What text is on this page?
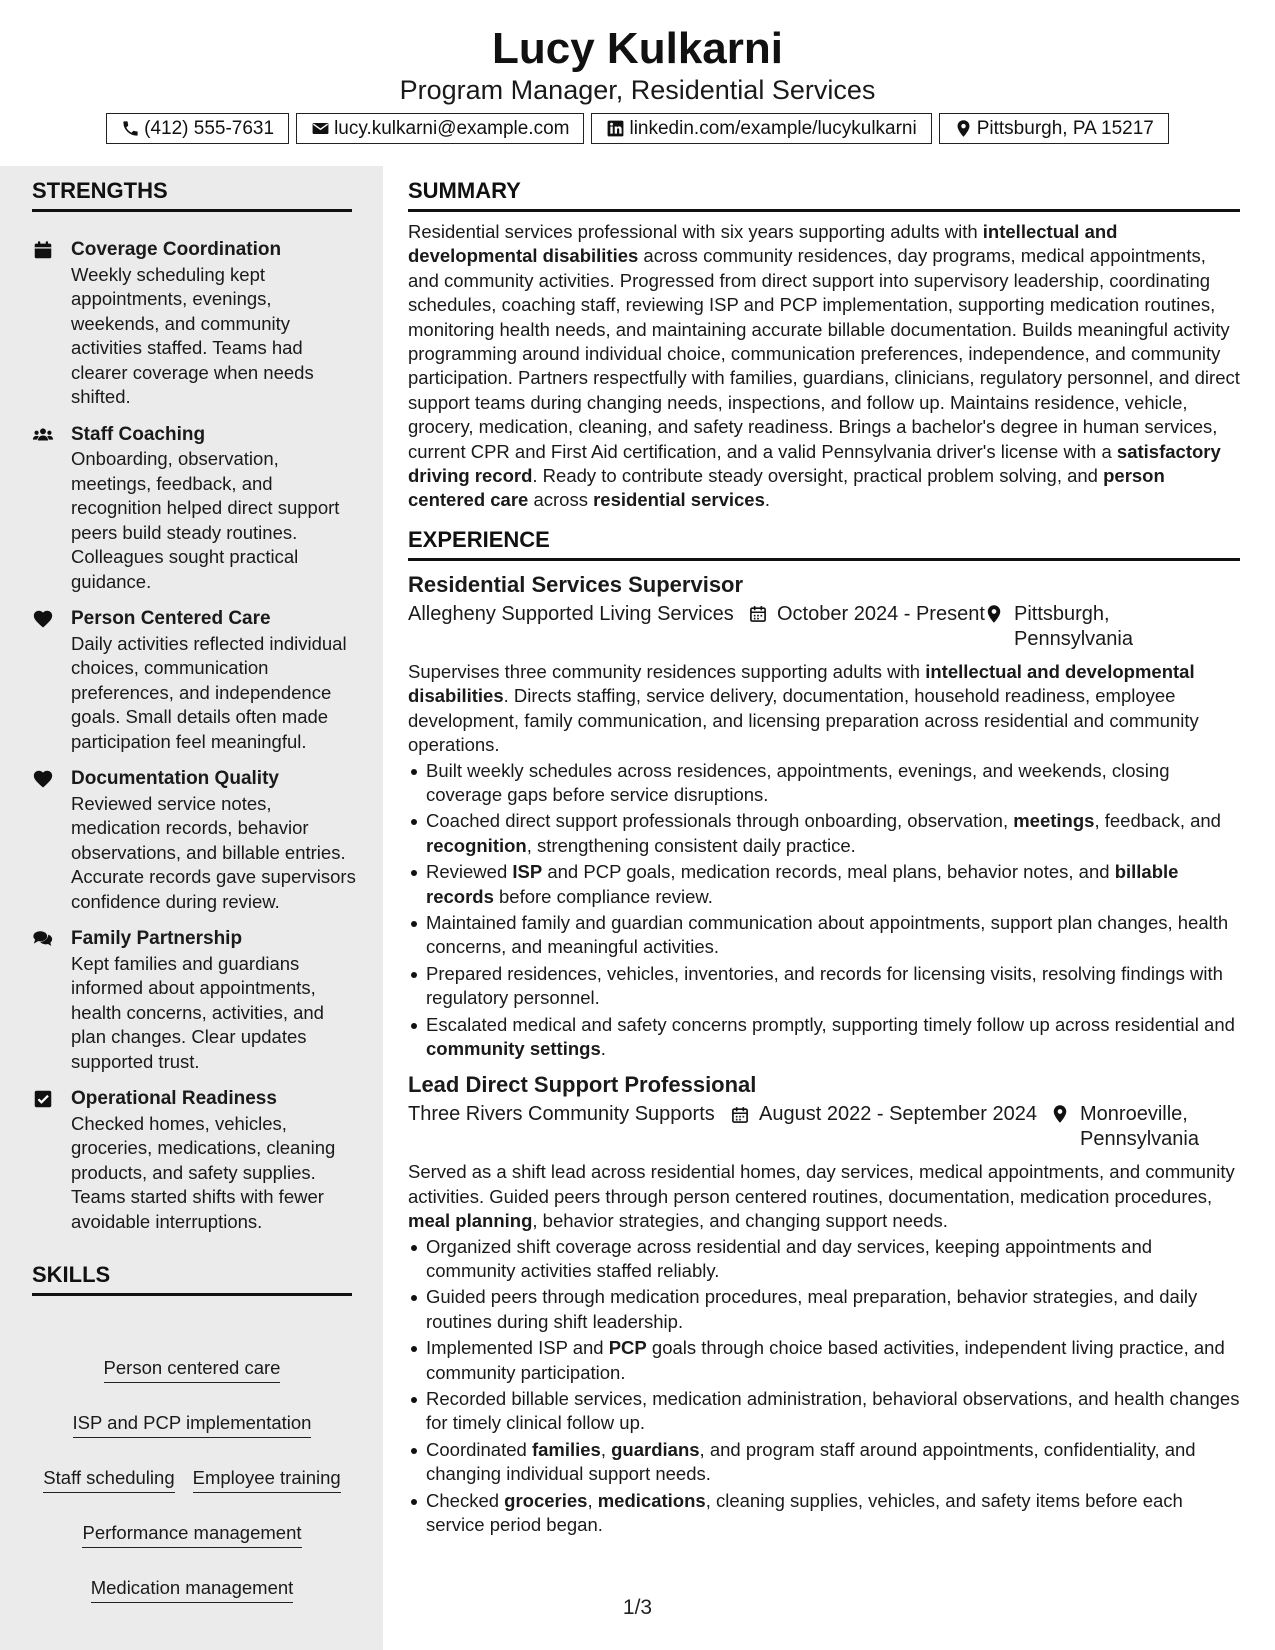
Lucy Kulkarni
Program Manager, Residential Services
(412) 555-7631	lucy.kulkarni@example.com	linkedin.com/example/lucykulkarni	Pittsburgh, PA 15217
STRENGTHS
Coverage Coordination
Weekly scheduling kept appointments, evenings, weekends, and community activities staffed. Teams had clearer coverage when needs shifted.
Staff Coaching
Onboarding, observation, meetings, feedback, and recognition helped direct support peers build steady routines. Colleagues sought practical guidance.
Person Centered Care
Daily activities reflected individual choices, communication preferences, and independence goals. Small details often made participation feel meaningful.
Documentation Quality
Reviewed service notes, medication records, behavior observations, and billable entries. Accurate records gave supervisors confidence during review.
Family Partnership
Kept families and guardians informed about appointments, health concerns, activities, and plan changes. Clear updates supported trust.
Operational Readiness
Checked homes, vehicles, groceries, medications, cleaning products, and safety supplies. Teams started shifts with fewer avoidable interruptions.
SKILLS
Person centered care
ISP and PCP implementation
Staff scheduling Employee training
Performance management
Medication management
SUMMARY
Residential services professional with six years supporting adults with intellectual and developmental disabilities across community residences, day programs, medical appointments, and community activities. Progressed from direct support into supervisory leadership, coordinating schedules, coaching staff, reviewing ISP and PCP implementation, supporting medication routines, monitoring health needs, and maintaining accurate billable documentation. Builds meaningful activity programming around individual choice, communication preferences, independence, and community participation. Partners respectfully with families, guardians, clinicians, regulatory personnel, and direct support teams during changing needs, inspections, and follow up. Maintains residence, vehicle, grocery, medication, cleaning, and safety readiness. Brings a bachelor's degree in human services, current CPR and First Aid certification, and a valid Pennsylvania driver's license with a satisfactory driving record. Ready to contribute steady oversight, practical problem solving, and person centered care across residential services.
EXPERIENCE
Residential Services Supervisor
Allegheny Supported Living Services October 2024 - Present Pittsburgh, Pennsylvania
Supervises three community residences supporting adults with intellectual and developmental disabilities. Directs staffing, service delivery, documentation, household readiness, employee development, family communication, and licensing preparation across residential and community operations.
Built weekly schedules across residences, appointments, evenings, and weekends, closing coverage gaps before service disruptions.
Coached direct support professionals through onboarding, observation, meetings, feedback, and recognition, strengthening consistent daily practice.
Reviewed ISP and PCP goals, medication records, meal plans, behavior notes, and billable records before compliance review.
Maintained family and guardian communication about appointments, support plan changes, health concerns, and meaningful activities.
Prepared residences, vehicles, inventories, and records for licensing visits, resolving findings with regulatory personnel.
Escalated medical and safety concerns promptly, supporting timely follow up across residential and community settings.
Lead Direct Support Professional
Three Rivers Community Supports August 2022 - September 2024 Monroeville, Pennsylvania
Served as a shift lead across residential homes, day services, medical appointments, and community activities. Guided peers through person centered routines, documentation, medication procedures, meal planning, behavior strategies, and changing support needs.
Organized shift coverage across residential and day services, keeping appointments and community activities staffed reliably.
Guided peers through medication procedures, meal preparation, behavior strategies, and daily routines during shift leadership.
Implemented ISP and PCP goals through choice based activities, independent living practice, and community participation.
Recorded billable services, medication administration, behavioral observations, and health changes for timely clinical follow up.
Coordinated families, guardians, and program staff around appointments, confidentiality, and changing individual support needs.
Checked groceries, medications, cleaning supplies, vehicles, and safety items before each service period began.
1/3
